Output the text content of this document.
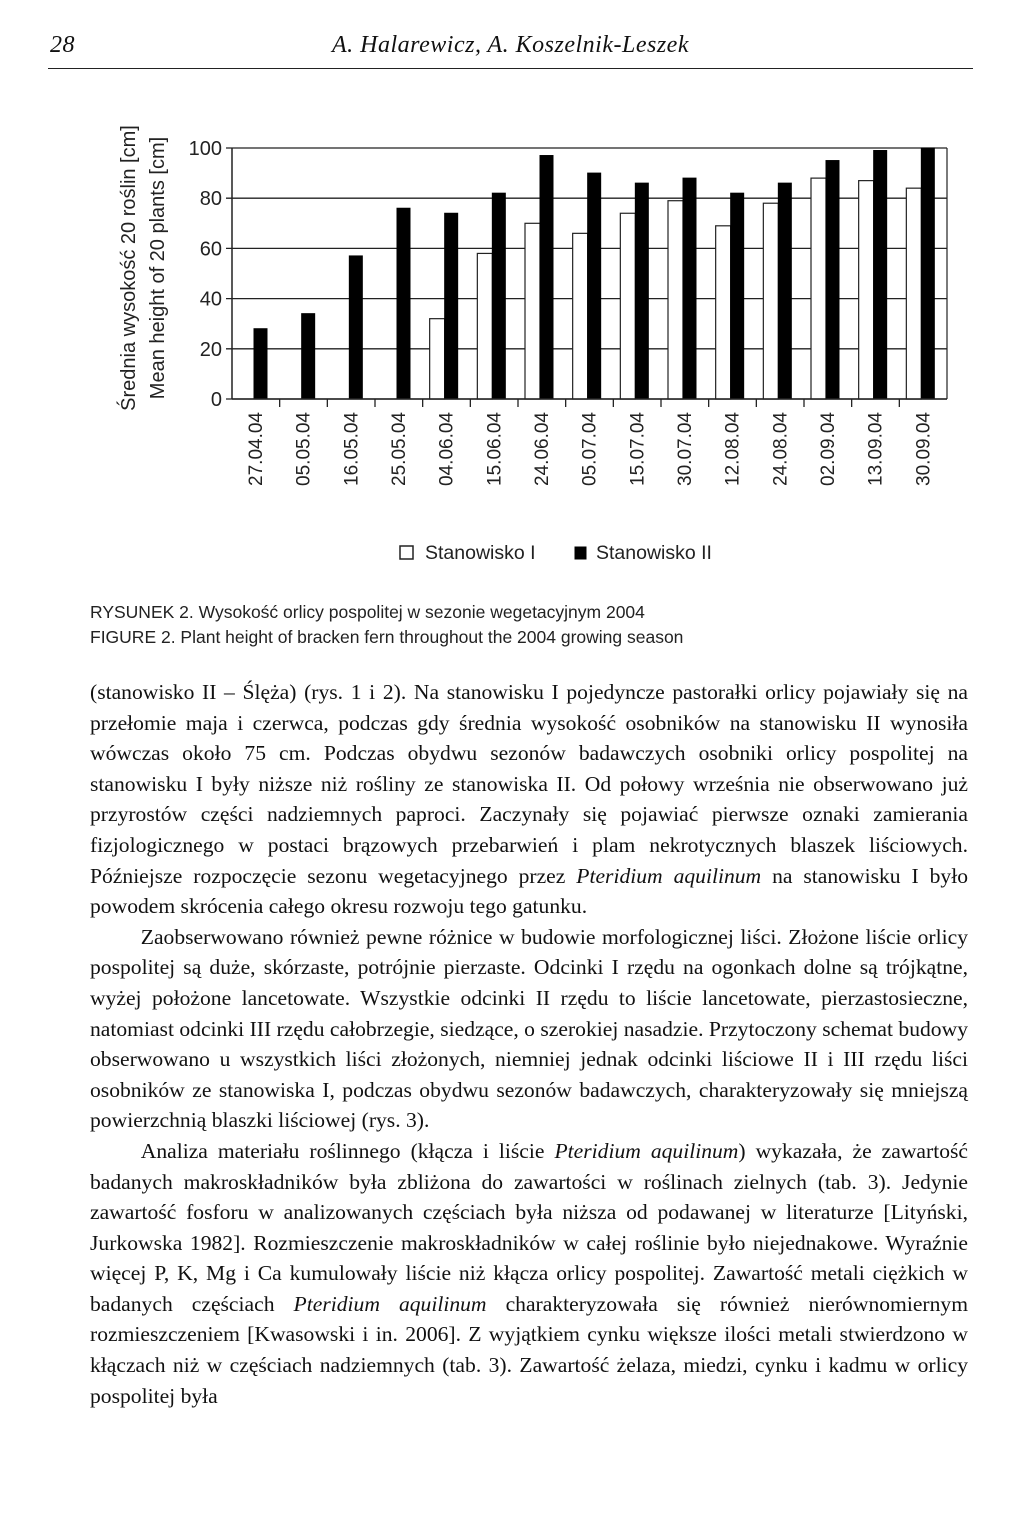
28	A. Halarewicz, A. Koszelnik-Leszek
Średnia wysokość 20 roślin [cm] Mean height of 20 plants [cm]
0
20
40
60
80
100
27.04.04 05.05.04 16.05.04 25.05.04 04.06.04 15.06.04 24.06.04 05.07.04 15.07.04 30.07.04 12.08.04 24.08.04 02.09.04 13.09.04 30.09.04
Stanowisko I	Stanowisko II
RYSUNEK 2. Wysokość orlicy pospolitej w sezonie wegetacyjnym 2004
FIGURE 2. Plant height of bracken fern throughout the 2004 growing season

(stanowisko II – Ślęża) (rys. 1 i 2). Na stanowisku I pojedyncze pastorałki orlicy pojawiały się na przełomie maja i czerwca, podczas gdy średnia wysokość osobników na stanowisku II wynosiła wówczas około 75 cm. Podczas obydwu sezonów badawczych osobniki orlicy pospolitej na stanowisku I były niższe niż rośliny ze stanowiska II. Od połowy września nie obserwowano już przyrostów części nadziemnych paproci. Zaczynały się pojawiać pierwsze oznaki zamierania fizjologicznego w postaci brązowych przebarwień i plam nekrotycznych blaszek liściowych. Późniejsze rozpoczęcie sezonu wegetacyjnego przez Pteridium aquilinum na stanowisku I było powodem skrócenia całego okresu rozwoju tego gatunku.

Zaobserwowano również pewne różnice w budowie morfologicznej liści. Złożone liście orlicy pospolitej są duże, skórzaste, potrójnie pierzaste. Odcinki I rzędu na ogonkach dolne są trójkątne, wyżej położone lancetowate. Wszystkie odcinki II rzędu to liście lancetowate, pierzastosieczne, natomiast odcinki III rzędu całobrzegie, siedzące, o szerokiej nasadzie. Przytoczony schemat budowy obserwowano u wszystkich liści złożonych, niemniej jednak odcinki liściowe II i III rzędu liści osobników ze stanowiska I, podczas obydwu sezonów badawczych, charakteryzowały się mniejszą powierzchnią blaszki liściowej (rys. 3).

Analiza materiału roślinnego (kłącza i liście Pteridium aquilinum) wykazała, że zawartość badanych makroskładników była zbliżona do zawartości w roślinach zielnych (tab. 3). Jedynie zawartość fosforu w analizowanych częściach była niższa od podawanej w literaturze [Lityński, Jurkowska 1982]. Rozmieszczenie makroskładników w całej roślinie było niejednakowe. Wyraźnie więcej P, K, Mg i Ca kumulowały liście niż kłącza orlicy pospolitej. Zawartość metali ciężkich w badanych częściach Pteridium aquilinum charakteryzowała się również nierównomiernym rozmieszczeniem [Kwasowski i in. 2006]. Z wyjątkiem cynku większe ilości metali stwierdzono w kłączach niż w częściach nadziemnych (tab. 3). Zawartość żelaza, miedzi, cynku i kadmu w orlicy pospolitej była
